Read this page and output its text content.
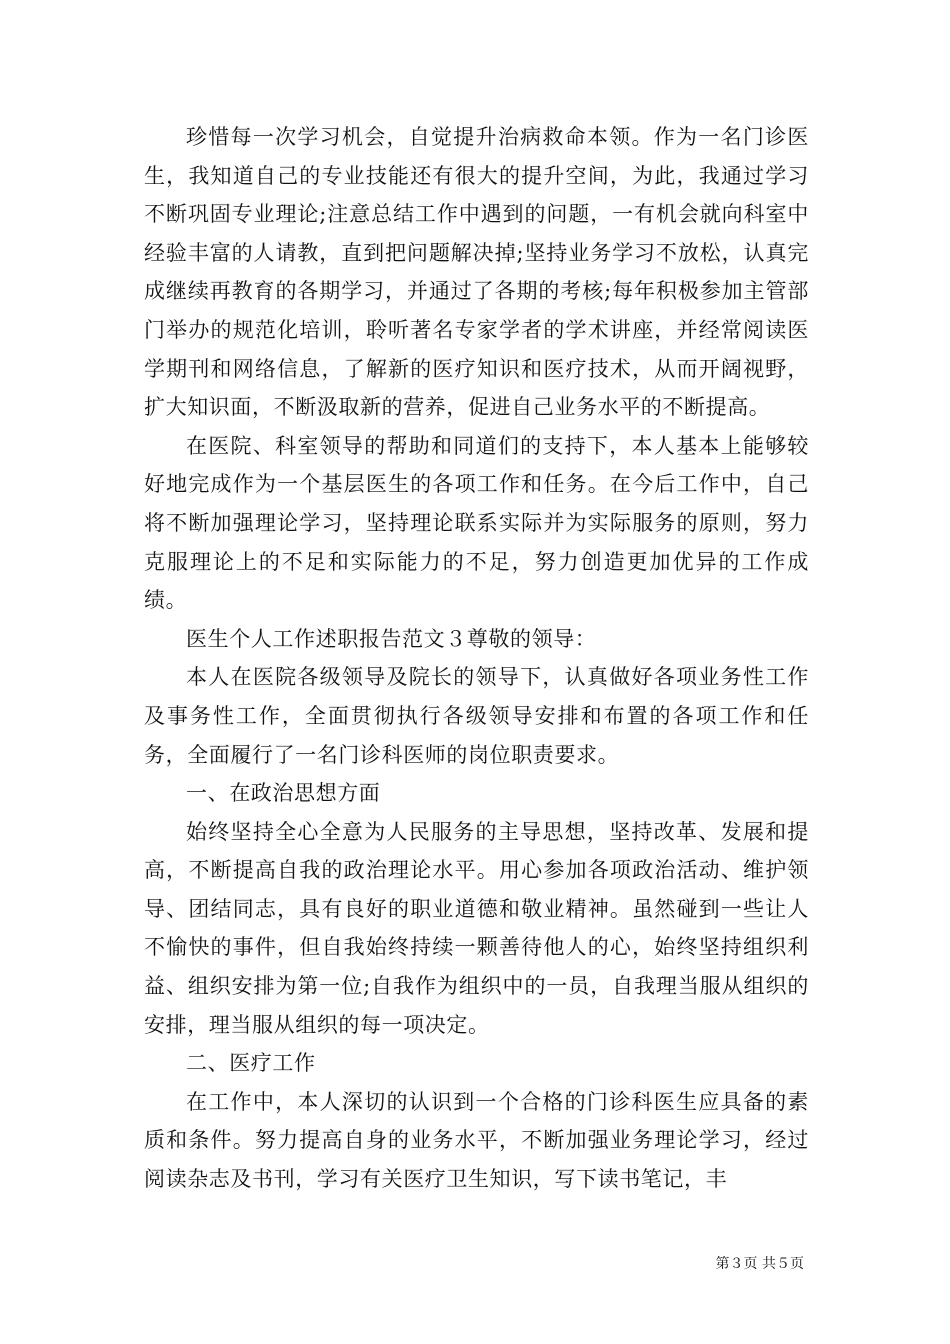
珍惜每一次学习机会，自觉提升治病救命本领。作为一名门诊医生，我知道自己的专业技能还有很大的提升空间，为此，我通过学习不断巩固专业理论;注意总结工作中遇到的问题，一有机会就向科室中经验丰富的人请教，直到把问题解决掉;坚持业务学习不放松，认真完成继续再教育的各期学习，并通过了各期的考核;每年积极参加主管部门举办的规范化培训，聆听著名专家学者的学术讲座，并经常阅读医学期刊和网络信息，了解新的医疗知识和医疗技术，从而开阔视野，扩大知识面，不断汲取新的营养，促进自己业务水平的不断提高。

在医院、科室领导的帮助和同道们的支持下，本人基本上能够较好地完成作为一个基层医生的各项工作和任务。在今后工作中，自己将不断加强理论学习，坚持理论联系实际并为实际服务的原则，努力克服理论上的不足和实际能力的不足，努力创造更加优异的工作成绩。

医生个人工作述职报告范文３尊敬的领导：

本人在医院各级领导及院长的领导下，认真做好各项业务性工作及事务性工作，全面贯彻执行各级领导安排和布置的各项工作和任务，全面履行了一名门诊科医师的岗位职责要求。

一、在政治思想方面

始终坚持全心全意为人民服务的主导思想，坚持改革、发展和提高，不断提高自我的政治理论水平。用心参加各项政治活动、维护领导、团结同志，具有良好的职业道德和敬业精神。虽然碰到一些让人不愉快的事件，但自我始终持续一颗善待他人的心，始终坚持组织利益、组织安排为第一位;自我作为组织中的一员，自我理当服从组织的安排，理当服从组织的每一项决定。

二、医疗工作

在工作中，本人深切的认识到一个合格的门诊科医生应具备的素质和条件。努力提高自身的业务水平，不断加强业务理论学习，经过阅读杂志及书刊，学习有关医疗卫生知识，写下读书笔记，丰

第３页 共５页
